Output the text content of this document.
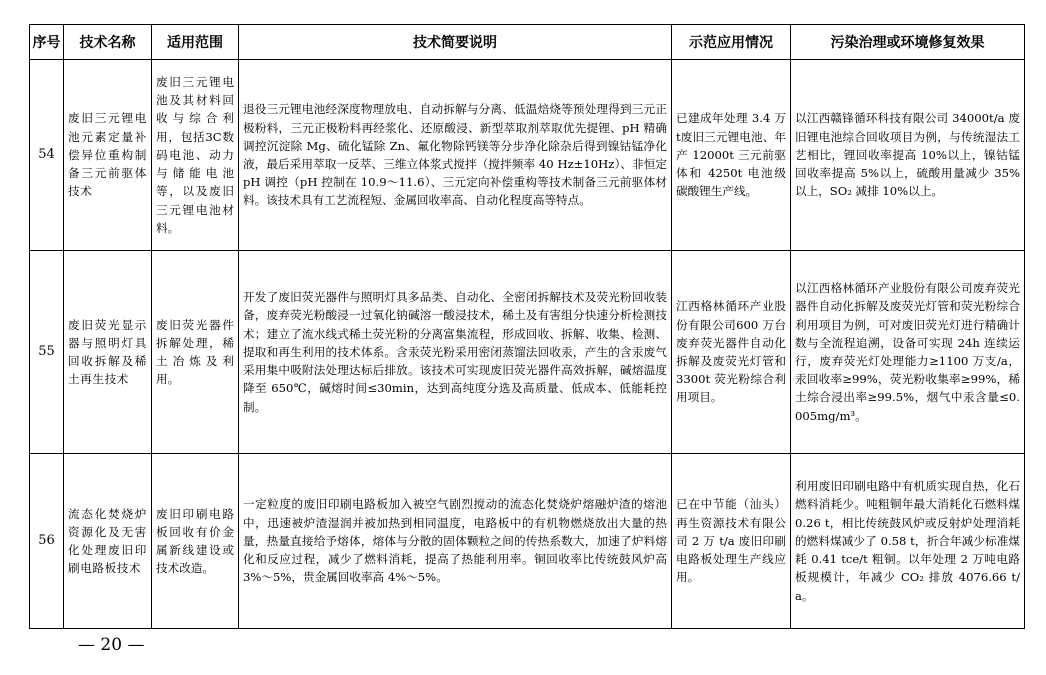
序号	技术名称	适用范围	技术简要说明	示范应用情况	污染治理或环境修复效果
54	废旧三元锂电池元素定量补偿异位重构制备三元前驱体技术	废旧三元锂电池及其材料回收与综合利用，包括3C数码电池、动力与储能电池等，以及废旧三元锂电池材料。	退役三元锂电池经深度物理放电、自动拆解与分离、低温焙烧等预处理得到三元正极粉料，三元正极粉料再经浆化、还原酸浸、新型萃取剂萃取优先提锂、pH 精确调控沉淀除 Mg、硫化锰除 Zn、氟化物除钙镁等分步净化除杂后得到镍钴锰净化液，最后采用萃取一反萃、三维立体浆式搅拌（搅拌频率 40 Hz±10Hz）、非恒定 pH 调控（pH 控制在 10.9～11.6）、三元定向补偿重构等技术制备三元前驱体材料。该技术具有工艺流程短、金属回收率高、自动化程度高等特点。	已建成年处理 3.4 万t废旧三元锂电池、年产 12000t 三元前驱体和 4250t 电池级碳酸锂生产线。	以江西赣锋循环科技有限公司 34000t/a 废旧锂电池综合回收项目为例，与传统湿法工艺相比，锂回收率提高 10%以上，镍钴锰回收率提高 5%以上，硫酸用量减少 35%以上，SO₂ 减排 10%以上。
55	废旧荧光显示器与照明灯具回收拆解及稀土再生技术	废旧荧光器件拆解处理，稀土冶炼及利用。	开发了废旧荧光器件与照明灯具多品类、自动化、全密闭拆解技术及荧光粉回收装备，废弃荧光粉酸浸一过氧化钠碱溶一酸浸技术，稀土及有害组分快速分析检测技术；建立了流水线式稀土荧光粉的分离富集流程，形成回收、拆解、收集、检测、提取和再生利用的技术体系。含汞荧光粉采用密闭蒸馏法回收汞，产生的含汞废气采用集中吸附法处理达标后排放。该技术可实现废旧荧光器件高效拆解，碱熔温度降至 650℃，碱熔时间≤30min，达到高纯度分选及高质量、低成本、低能耗控制。	江西格林循环产业股份有限公司600 万台废弃荧光器件自动化拆解及废荧光灯管和 3300t 荧光粉综合利用项目。	以江西格林循环产业股份有限公司废弃荧光器件自动化拆解及废荧光灯管和荧光粉综合利用项目为例，可对废旧荧光灯进行精确计数与全流程追溯，设备可实现 24h 连续运行，废弃荧光灯处理能力≥1100 万支/a，汞回收率≥99%，荧光粉收集率≥99%，稀土综合浸出率≥99.5%，烟气中汞含量≤0.005mg/m³。
56	流态化焚烧炉资源化及无害化处理废旧印刷电路板技术	废旧印刷电路板回收有价金属新线建设或技术改造。	一定粒度的废旧印刷电路板加入被空气剧烈搅动的流态化焚烧炉熔融炉渣的熔池中，迅速被炉渣湿润并被加热到相同温度，电路板中的有机物燃烧放出大量的热量，热量直接给予熔体，熔体与分散的固体颗粒之间的传热系数大，加速了炉料熔化和反应过程，减少了燃料消耗，提高了热能利用率。铜回收率比传统鼓风炉高 3%～5%，贵金属回收率高 4%～5%。	已在中节能（汕头）再生资源技术有限公司 2 万 t/a 废旧印刷电路板处理生产线应用。	利用废旧印刷电路中有机质实现自热，化石燃料消耗少。吨粗铜年最大消耗化石燃料煤 0.26 t，相比传统鼓风炉或反射炉处理消耗的燃料煤减少了 0.58 t，折合年减少标准煤耗 0.41 tce/t 粗铜。以年处理 2 万吨电路板规模计，年减少 CO₂ 排放 4076.66 t/a。
— 20 —
